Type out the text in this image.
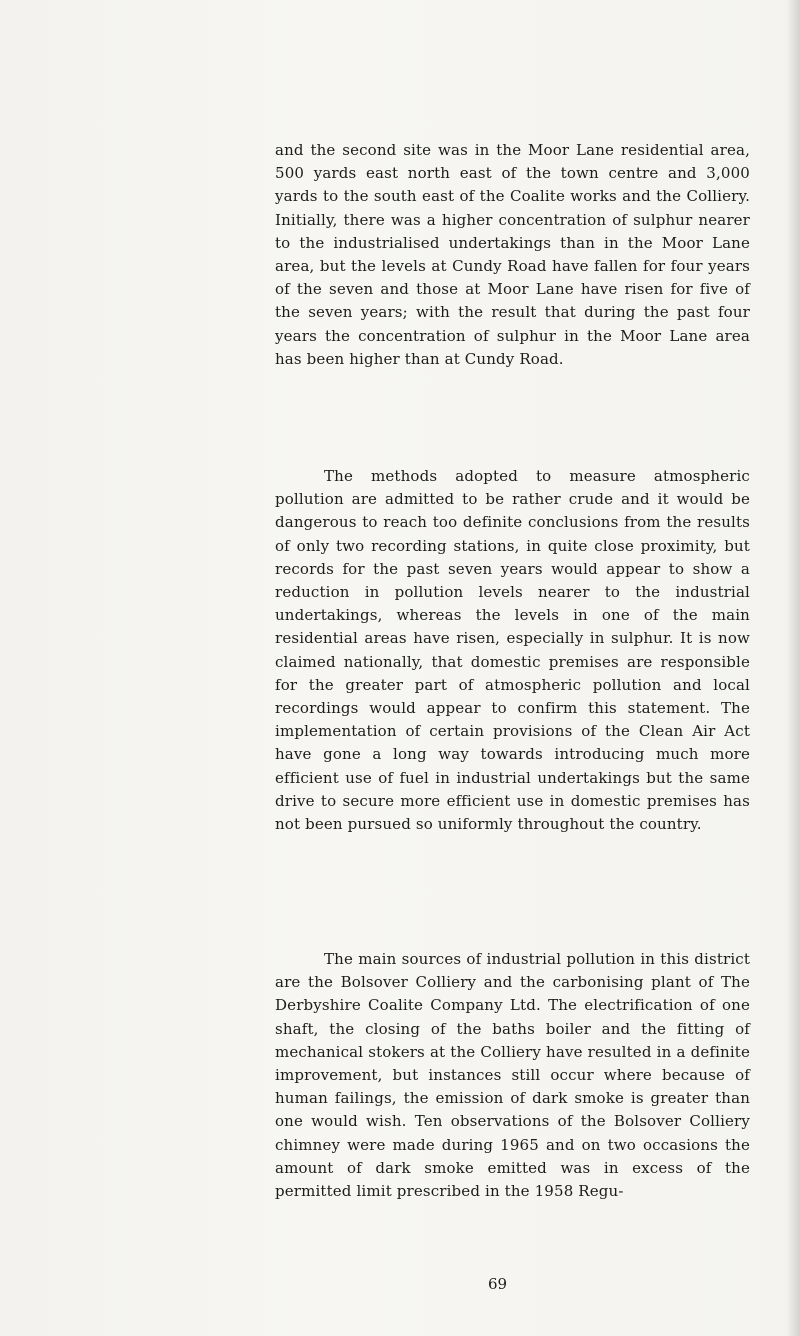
and the second site was in the Moor Lane residential area, 500 yards east north east of the town centre and 3,000 yards to the south east of the Coalite works and the Colliery. Initially, there was a higher concentration of sulphur nearer to the industrialised undertakings than in the Moor Lane area, but the levels at Cundy Road have fallen for four years of the seven and those at Moor Lane have risen for five of the seven years; with the result that during the past four years the concentration of sulphur in the Moor Lane area has been higher than at Cundy Road.

The methods adopted to measure atmospheric pollution are admitted to be rather crude and it would be dangerous to reach too definite conclusions from the results of only two recording stations, in quite close proximity, but records for the past seven years would appear to show a reduction in pollution levels nearer to the industrial undertakings, whereas the levels in one of the main residential areas have risen, especially in sulphur. It is now claimed nationally, that domestic premises are responsible for the greater part of atmospheric pollution and local recordings would appear to confirm this statement. The implementation of certain provisions of the Clean Air Act have gone a long way towards introducing much more efficient use of fuel in industrial undertakings but the same drive to secure more efficient use in domestic premises has not been pursued so uniformly throughout the country.

The main sources of industrial pollution in this district are the Bolsover Colliery and the carbonising plant of The Derbyshire Coalite Company Ltd. The electrification of one shaft, the closing of the baths boiler and the fitting of mechanical stokers at the Colliery have resulted in a definite improvement, but instances still occur where because of human failings, the emission of dark smoke is greater than one would wish. Ten observations of the Bolsover Colliery chimney were made during 1965 and on two occasions the amount of dark smoke emitted was in excess of the permitted limit prescribed in the 1958 Regu-

69
